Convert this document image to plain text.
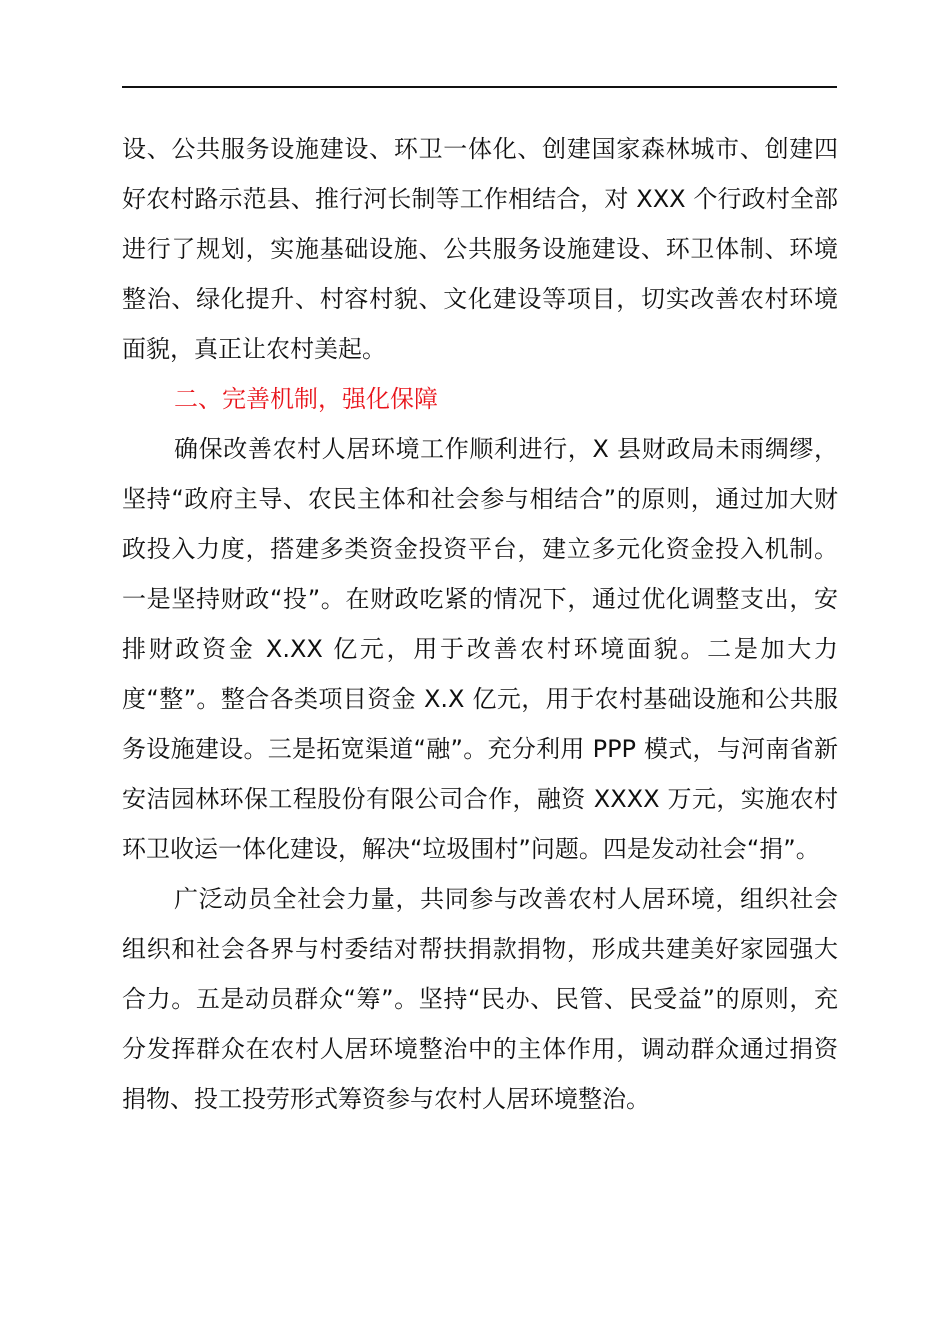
设、公共服务设施建设、环卫一体化、创建国家森林城市、创建四好农村路示范县、推行河长制等工作相结合，对 XXX 个行政村全部进行了规划，实施基础设施、公共服务设施建设、环卫体制、环境整治、绿化提升、村容村貌、文化建设等项目，切实改善农村环境面貌，真正让农村美起。

二、完善机制，强化保障

确保改善农村人居环境工作顺利进行，X 县财政局未雨绸缪，坚持“政府主导、农民主体和社会参与相结合”的原则，通过加大财政投入力度，搭建多类资金投资平台，建立多元化资金投入机制。一是坚持财政“投”。在财政吃紧的情况下，通过优化调整支出，安排财政资金 X.XX 亿元，用于改善农村环境面貌。二是加大力度“整”。整合各类项目资金 X.X 亿元，用于农村基础设施和公共服务设施建设。三是拓宽渠道“融”。充分利用 PPP 模式，与河南省新安洁园林环保工程股份有限公司合作，融资 XXXX 万元，实施农村环卫收运一体化建设，解决“垃圾围村”问题。四是发动社会“捐”。

广泛动员全社会力量，共同参与改善农村人居环境，组织社会组织和社会各界与村委结对帮扶捐款捐物，形成共建美好家园强大合力。五是动员群众“筹”。坚持“民办、民管、民受益”的原则，充分发挥群众在农村人居环境整治中的主体作用，调动群众通过捐资捐物、投工投劳形式筹资参与农村人居环境整治。
